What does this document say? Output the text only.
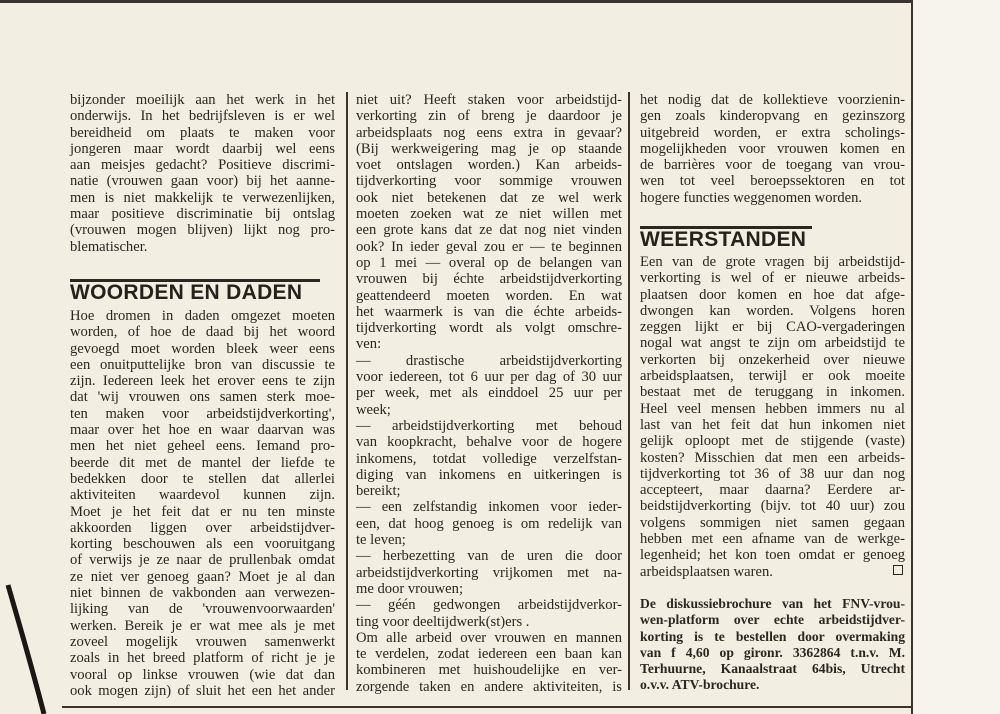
bijzonder moeilijk aan het werk in het
onderwijs. In het bedrijfsleven is er wel
bereidheid om plaats te maken voor
jongeren maar wordt daarbij wel eens
aan meisjes gedacht? Positieve discrimi-
natie (vrouwen gaan voor) bij het aanne-
men is niet makkelijk te verwezenlijken,
maar positieve discriminatie bij ontslag
(vrouwen mogen blijven) lijkt nog pro-
blematischer.
WOORDEN EN DADEN
Hoe dromen in daden omgezet moeten
worden, of hoe de daad bij het woord
gevoegd moet worden bleek weer eens
een onuitputtelijke bron van discussie te
zijn. Iedereen leek het erover eens te zijn
dat 'wij vrouwen ons samen sterk moe-
ten maken voor arbeidstijdverkorting',
maar over het hoe en waar daarvan was
men het niet geheel eens. Iemand pro-
beerde dit met de mantel der liefde te
bedekken door te stellen dat allerlei
aktiviteiten waardevol kunnen zijn.
Moet je het feit dat er nu ten minste
akkoorden liggen over arbeidstijdver-
korting beschouwen als een vooruitgang
of verwijs je ze naar de prullenbak omdat
ze niet ver genoeg gaan? Moet je al dan
niet binnen de vakbonden aan verwezen-
lijking van de 'vrouwenvoorwaarden'
werken. Bereik je er wat mee als je met
zoveel mogelijk vrouwen samenwerkt
zoals in het breed platform of richt je je
vooral op linkse vrouwen (wie dat dan
ook mogen zijn) of sluit het een het ander
niet uit? Heeft staken voor arbeidstijd-
verkorting zin of breng je daardoor je
arbeidsplaats nog eens extra in gevaar?
(Bij werkweigering mag je op staande
voet ontslagen worden.) Kan arbeids-
tijdverkorting voor sommige vrouwen
ook niet betekenen dat ze wel werk
moeten zoeken wat ze niet willen met
een grote kans dat ze dat nog niet vinden
ook? In ieder geval zou er — te beginnen
op 1 mei — overal op de belangen van
vrouwen bij échte arbeidstijdverkorting
geattendeerd moeten worden. En wat
het waarmerk is van die échte arbeids-
tijdverkorting wordt als volgt omschre-
ven:
— drastische arbeidstijdverkorting
voor iedereen, tot 6 uur per dag of 30 uur
per week, met als einddoel 25 uur per
week;
— arbeidstijdverkorting met behoud
van koopkracht, behalve voor de hogere
inkomens, totdat volledige verzelfstan-
diging van inkomens en uitkeringen is
bereikt;
— een zelfstandig inkomen voor ieder-
een, dat hoog genoeg is om redelijk van
te leven;
— herbezetting van de uren die door
arbeidstijdverkorting vrijkomen met na-
me door vrouwen;
— géén gedwongen arbeidstijdverkor-
ting voor deeltijdwerk(st)ers .
Om alle arbeid over vrouwen en mannen
te verdelen, zodat iedereen een baan kan
kombineren met huishoudelijke en ver-
zorgende taken en andere aktiviteiten, is
het nodig dat de kollektieve voorzienin-
gen zoals kinderopvang en gezinszorg
uitgebreid worden, er extra scholings-
mogelijkheden voor vrouwen komen en
de barrières voor de toegang van vrou-
wen tot veel beroepssektoren en tot
hogere functies weggenomen worden.
WEERSTANDEN
Een van de grote vragen bij arbeidstijd-
verkorting is wel of er nieuwe arbeids-
plaatsen door komen en hoe dat afge-
dwongen kan worden. Volgens horen
zeggen lijkt er bij CAO-vergaderingen
nogal wat angst te zijn om arbeidstijd te
verkorten bij onzekerheid over nieuwe
arbeidsplaatsen, terwijl er ook moeite
bestaat met de teruggang in inkomen.
Heel veel mensen hebben immers nu al
last van het feit dat hun inkomen niet
gelijk oploopt met de stijgende (vaste)
kosten? Misschien dat men een arbeids-
tijdverkorting tot 36 of 38 uur dan nog
accepteert, maar daarna? Eerdere ar-
beidstijdverkorting (bijv. tot 40 uur) zou
volgens sommigen niet samen gegaan
hebben met een afname van de werkge-
legenheid; het kon toen omdat er genoeg
arbeidsplaatsen waren.
De diskussiebrochure van het FNV-vrou-
wen-platform over echte arbeidstijdver-
korting is te bestellen door overmaking
van f 4,60 op gironr. 3362864 t.n.v. M.
Terhuurne, Kanaalstraat 64bis, Utrecht
o.v.v. ATV-brochure.
